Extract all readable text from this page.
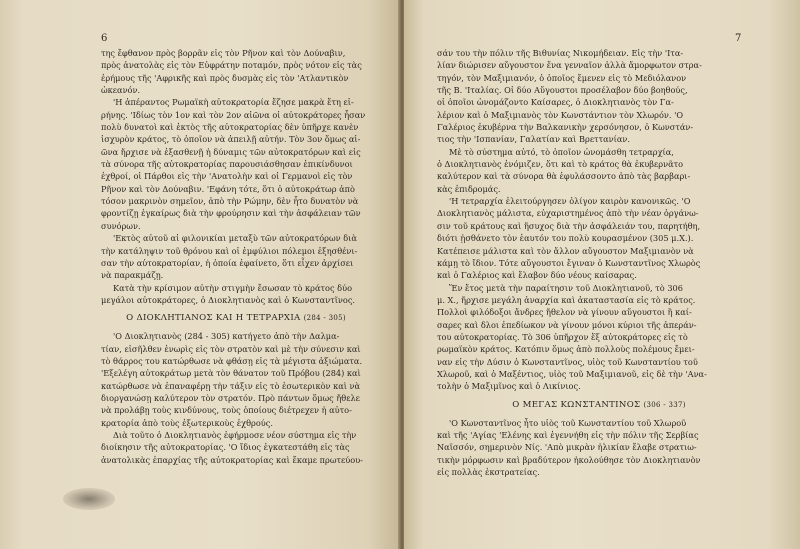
6
της ἔφθανον πρὸς βορρᾶν εἰς τὸν Ρῆνον καὶ τὸν Δούναβιν,
πρὸς ἀνατολὰς εἰς τὸν Εὐφράτην ποταμόν, πρὸς νότον εἰς τὰς
ἐρήμους τῆς 'Αφρικῆς καὶ πρὸς δυσμὰς εἰς τὸν 'Ατλαντικὸν
ὠκεανόν.
'Η ἀπέραντος Ρωμαϊκὴ αὐτοκρατορία ἔζησε μακρὰ ἔτη εἰ-
ρήνης. 'Ιδίως τὸν 1ον καὶ τὸν 2ον αἰῶνα οἱ αὐτοκράτορες ἦσαν
πολὺ δυνατοὶ καὶ ἐκτὸς τῆς αὐτοκρατορίας δὲν ὑπῆρχε κανὲν
ἰσχυρὸν κράτος, τὸ ὁποῖον νὰ ἀπειλῇ αὐτήν. Τὸν 3ον ὅμως αἰ-
ῶνα ἤρχισε νὰ ἐξασθενῇ ἡ δύναμις τῶν αὐτοκρατόρων καὶ εἰς
τὰ σύνορα τῆς αὐτοκρατορίας παρουσιάσθησαν ἐπικίνδυνοι
ἐχθροί, οἱ Πάρθοι εἰς τὴν 'Ανατολὴν καὶ οἱ Γερμανοὶ εἰς τὸν
Ρῆνον καὶ τὸν Δούναβιν. 'Εφάνη τότε, ὅτι ὁ αὐτοκράτωρ ἀπὸ
τόσον μακρινὸν σημεῖον, ἀπὸ τὴν Ρώμην, δὲν ἦτο δυνατὸν νὰ
φροντίζῃ ἐγκαίρως διὰ τὴν φρούρησιν καὶ τὴν ἀσφάλειαν τῶν
συνόρων.
'Εκτὸς αὐτοῦ αἱ φιλονικίαι μεταξὺ τῶν αὐτοκρατόρων διὰ
τὴν κατάληψιν τοῦ θρόνου καὶ οἱ ἐμφύλιοι πόλεμοι ἐξησθένι-
σαν τὴν αὐτοκρατορίαν, ἡ ὁποία ἐφαίνετο, ὅτι εἶχεν ἀρχίσει
νὰ παρακμάζῃ.
Κατὰ τὴν κρίσιμον αὐτὴν στιγμὴν ἔσωσαν τὸ κράτος δύο
μεγάλοι αὐτοκράτορες, ὁ Διοκλητιανὸς καὶ ὁ Κωνσταντῖνος.
Ο ΔΙΟΚΛΗΤΙΑΝΟΣ ΚΑΙ Η ΤΕΤΡΑΡΧΙΑ (284 - 305)
'Ο Διοκλητιανὸς (284 - 305) κατήγετο ἀπὸ τὴν Δαλμα-
τίαν, εἰσῆλθεν ἐνωρὶς εἰς τὸν στρατὸν καὶ μὲ τὴν σύνεσιν καὶ
τὸ θάρρος του κατώρθωσε νὰ φθάσῃ εἰς τὰ μέγιστα ἀξιώματα.
'Εξελέγη αὐτοκράτωρ μετὰ τὸν θάνατον τοῦ Πρόβου (284) καὶ
κατώρθωσε νὰ ἐπαναφέρῃ τὴν τάξιν εἰς τὸ ἐσωτερικὸν καὶ νὰ
διοργανώσῃ καλύτερον τὸν στρατόν. Πρὸ πάντων ὅμως ἤθελε
νὰ προλάβῃ τοὺς κινδύνους, τοὺς ὁποίους διέτρεχεν ἡ αὐτο-
κρατορία ἀπὸ τοὺς ἐξωτερικοὺς ἐχθρούς.
Διὰ τοῦτο ὁ Διοκλητιανὸς ἐφήρμοσε νέον σύστημα εἰς τὴν
διοίκησιν τῆς αὐτοκρατορίας. 'Ο ἴδιος ἐγκατεστάθη εἰς τὰς
ἀνατολικὰς ἐπαρχίας τῆς αὐτοκρατορίας καὶ ἔκαμε πρωτεύου-
7
σάν του τὴν πόλιν τῆς Βιθυνίας Νικομήδειαν. Εἰς τὴν 'Ιτα-
λίαν διώρισεν αὔγουστον ἕνα γενναῖον ἀλλὰ ἄμορφωτον στρα-
τηγόν, τὸν Μαξιμιανόν, ὁ ὁποῖος ἔμενεν εἰς τὸ Μεδιόλανον
τῆς Β. 'Ιταλίας. Οἱ δύο Αὔγουστοι προσέλαβον δύο βοηθούς,
οἱ ὁποῖοι ὠνομάζοντο Καίσαρες, ὁ Διοκλητιανὸς τὸν Γα-
λέριον καὶ ὁ Μαξιμιανὸς τὸν Κωνστάντιον τὸν Χλωρόν. 'Ο
Γαλέριος ἐκυβέρνα τὴν Βαλκανικὴν χερσόνησον, ὁ Κωνστάν-
τιος τὴν 'Ισπανίαν, Γαλατίαν καὶ Βρεττανίαν.
Μὲ τὸ σύστημα αὐτό, τὸ ὁποῖον ὠνομάσθη τετραρχία,
ὁ Διοκλητιανὸς ἐνόμιζεν, ὅτι καὶ τὸ κράτος θὰ ἐκυβερνᾶτο
καλύτερον καὶ τὰ σύνορα θὰ ἐφυλάσσοντο ἀπὸ τὰς βαρβαρι-
κὰς ἐπιδρομάς.
'Η τετραρχία ἐλειτούργησεν ὀλίγον καιρὸν κανονικῶς. 'Ο
Διοκλητιανὸς μάλιστα, εὐχαριστημένος ἀπὸ τὴν νέαν ὀργάνω-
σιν τοῦ κράτους καὶ ἥσυχος διὰ τὴν ἀσφάλειάν του, παρητήθη,
διότι ᾐσθάνετο τὸν ἑαυτόν του πολὺ κουρασμένον (305 μ.Χ.).
Κατέπεισε μάλιστα καὶ τὸν ἄλλον αὔγουστον Μαξιμιανὸν νὰ
κάμῃ τὸ ἴδιον. Τότε αὔγουστοι ἔγιναν ὁ Κωνσταντῖνος Χλωρὸς
καὶ ὁ Γαλέριος καὶ ἔλαβον δύο νέους καίσαρας.
Ἕν ἔτος μετὰ τὴν παραίτησιν τοῦ Διοκλητιανοῦ, τὸ 306
μ. Χ., ἤρχισε μεγάλη ἀναρχία καὶ ἀκαταστασία εἰς τὸ κράτος.
Πολλοὶ φιλόδοξοι ἄνδρες ἤθελον νὰ γίνουν αὔγουστοι ἢ καί-
σαρες καὶ δλοι ἐπεδίωκον νὰ γίνουν μόνοι κύριοι τῆς ἀπεράν-
του αὐτοκρατορίας. Τὸ 306 ὑπῆρχον ἕξ αὐτοκράτορες εἰς τὸ
ρωμαϊκὸν κράτος. Κατόπιν ὅμως ἀπὸ πολλοὺς πολέμους ἔμει-
ναν εἰς τὴν Δύσιν ὁ Κωνσταντῖνος, υἱὸς τοῦ Κωνσταντίου τοῦ
Χλωροῦ, καὶ ὁ Μαξέντιος, υἱὸς τοῦ Μαξιμιανοῦ, εἰς δὲ τὴν 'Ανα-
τολὴν ὁ Μαξιμῖνος καὶ ὁ Λικίνιος.
Ο ΜΕΓΑΣ ΚΩΝΣΤΑΝΤΙΝΟΣ (306 - 337)
'Ο Κωνσταντῖνος ἦτο υἱὸς τοῦ Κωνσταντίου τοῦ Χλωροῦ
καὶ τῆς 'Αγίας 'Ελένης καὶ ἐγεννήθη εἰς τὴν πόλιν τῆς Σερβίας
Ναϊσσόν, σημερινὸν Νίς. 'Απὸ μικρὰν ἡλικίαν ἔλαβε στρατιω-
τικὴν μόρφωσιν καὶ βραδύτερον ἠκολούθησε τὸν Διοκλητιανὸν
εἰς πολλὰς ἐκστρατείας.
